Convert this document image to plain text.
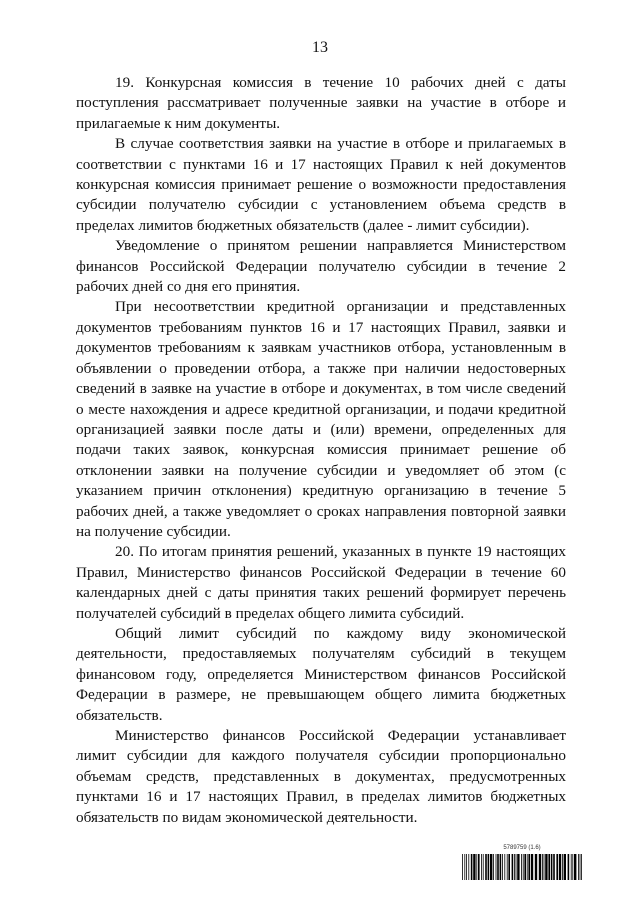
13

19. Конкурсная комиссия в течение 10 рабочих дней с даты поступления рассматривает полученные заявки на участие в отборе и прилагаемые к ним документы.

В случае соответствия заявки на участие в отборе и прилагаемых в соответствии с пунктами 16 и 17 настоящих Правил к ней документов конкурсная комиссия принимает решение о возможности предоставления субсидии получателю субсидии с установлением объема средств в пределах лимитов бюджетных обязательств (далее - лимит субсидии).

Уведомление о принятом решении направляется Министерством финансов Российской Федерации получателю субсидии в течение 2 рабочих дней со дня его принятия.

При несоответствии кредитной организации и представленных документов требованиям пунктов 16 и 17 настоящих Правил, заявки и документов требованиям к заявкам участников отбора, установленным в объявлении о проведении отбора, а также при наличии недостоверных сведений в заявке на участие в отборе и документах, в том числе сведений о месте нахождения и адресе кредитной организации, и подачи кредитной организацией заявки после даты и (или) времени, определенных для подачи таких заявок, конкурсная комиссия принимает решение об отклонении заявки на получение субсидии и уведомляет об этом (с указанием причин отклонения) кредитную организацию в течение 5 рабочих дней, а также уведомляет о сроках направления повторной заявки на получение субсидии.

20. По итогам принятия решений, указанных в пункте 19 настоящих Правил, Министерство финансов Российской Федерации в течение 60 календарных дней с даты принятия таких решений формирует перечень получателей субсидий в пределах общего лимита субсидий.

Общий лимит субсидий по каждому виду экономической деятельности, предоставляемых получателям субсидий в текущем финансовом году, определяется Министерством финансов Российской Федерации в размере, не превышающем общего лимита бюджетных обязательств.

Министерство финансов Российской Федерации устанавливает лимит субсидии для каждого получателя субсидии пропорционально объемам средств, представленных в документах, предусмотренных пунктами 16 и 17 настоящих Правил, в пределах лимитов бюджетных обязательств по видам экономической деятельности.

5789759 (1.6)
